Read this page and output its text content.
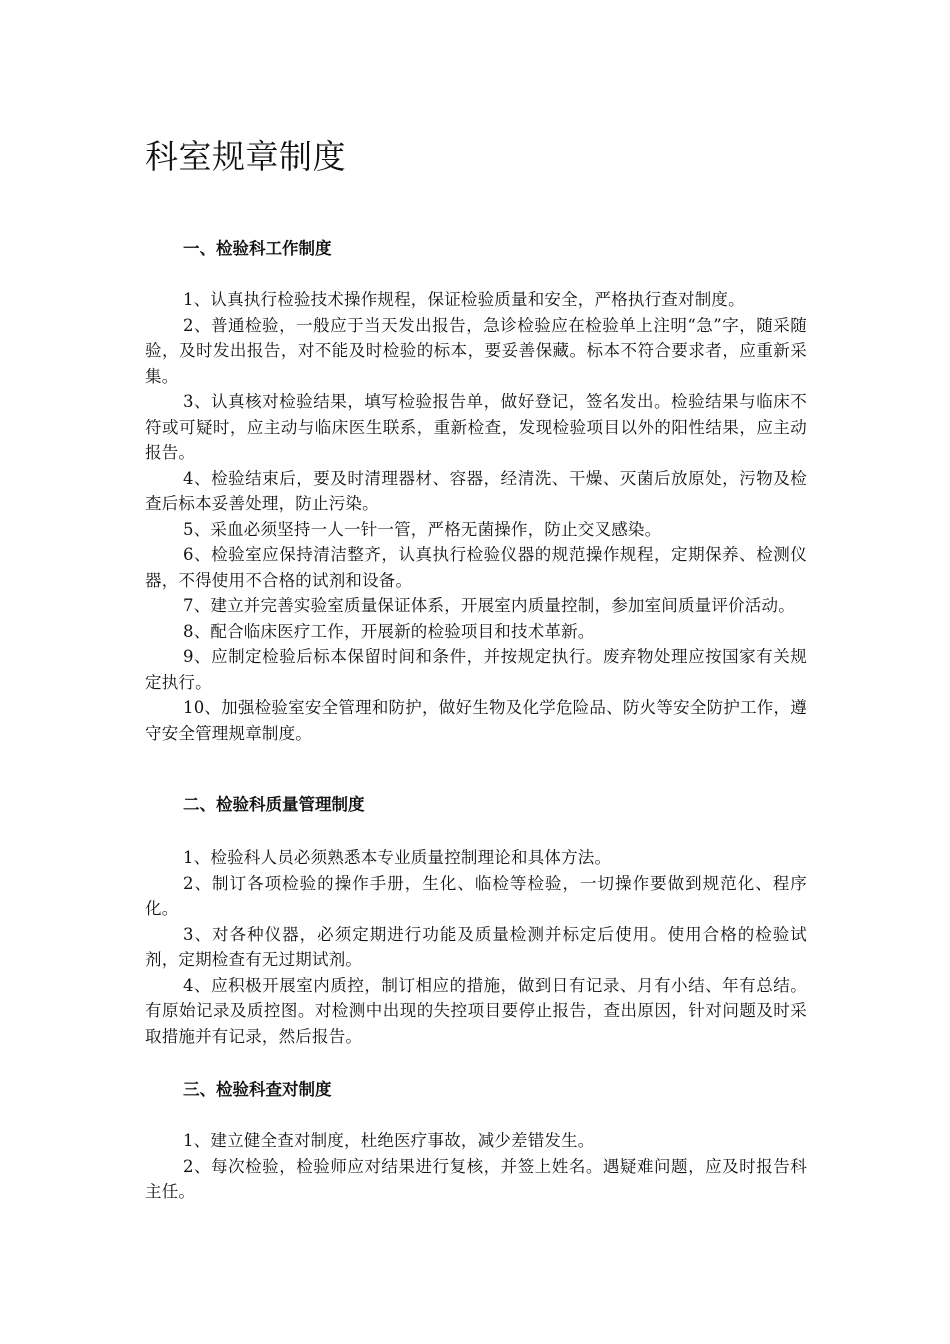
科室规章制度
一、检验科工作制度

1、认真执行检验技术操作规程，保证检验质量和安全，严格执行查对制度。

2、普通检验，一般应于当天发出报告，急诊检验应在检验单上注明“急”字，随采随验，及时发出报告，对不能及时检验的标本，要妥善保藏。标本不符合要求者，应重新采集。

3、认真核对检验结果，填写检验报告单，做好登记，签名发出。检验结果与临床不符或可疑时，应主动与临床医生联系，重新检查，发现检验项目以外的阳性结果，应主动报告。

4、检验结束后，要及时清理器材、容器，经清洗、干燥、灭菌后放原处，污物及检查后标本妥善处理，防止污染。

5、采血必须坚持一人一针一管，严格无菌操作，防止交叉感染。

6、检验室应保持清洁整齐，认真执行检验仪器的规范操作规程，定期保养、检测仪器，不得使用不合格的试剂和设备。

7、建立并完善实验室质量保证体系，开展室内质量控制，参加室间质量评价活动。

8、配合临床医疗工作，开展新的检验项目和技术革新。

9、应制定检验后标本保留时间和条件，并按规定执行。废弃物处理应按国家有关规定执行。

10、加强检验室安全管理和防护，做好生物及化学危险品、防火等安全防护工作，遵守安全管理规章制度。

二、检验科质量管理制度

1、检验科人员必须熟悉本专业质量控制理论和具体方法。

2、制订各项检验的操作手册，生化、临检等检验，一切操作要做到规范化、程序化。

3、对各种仪器，必须定期进行功能及质量检测并标定后使用。使用合格的检验试剂，定期检查有无过期试剂。

4、应积极开展室内质控，制订相应的措施，做到日有记录、月有小结、年有总结。有原始记录及质控图。对检测中出现的失控项目要停止报告，查出原因，针对问题及时采取措施并有记录，然后报告。

三、检验科查对制度

1、建立健全查对制度，杜绝医疗事故，减少差错发生。

2、每次检验，检验师应对结果进行复核，并签上姓名。遇疑难问题，应及时报告科主任。
